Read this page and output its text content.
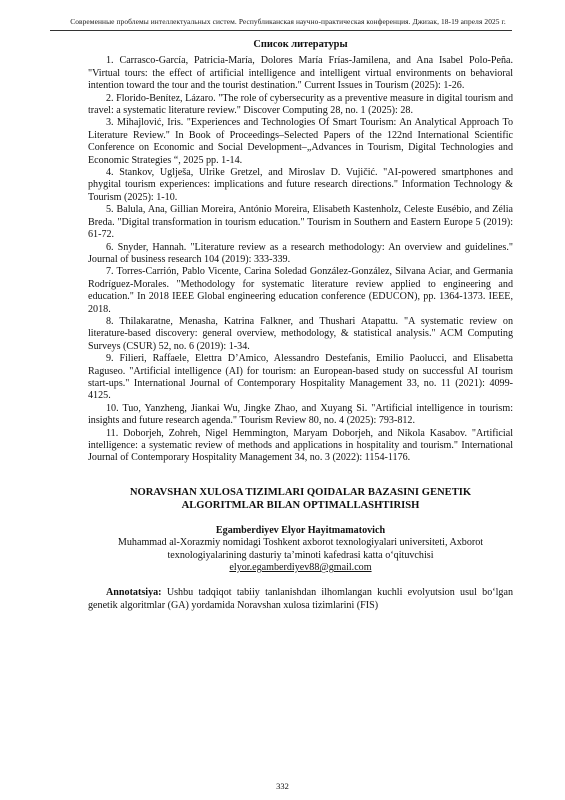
Современные проблемы интеллектуальных систем. Республиканская научно-практическая конференция. Джизак, 18-19 апреля 2025 г.
Список литературы

1. Carrasco-García, Patricia-María, Dolores María Frías-Jamilena, and Ana Isabel Polo-Peña. "Virtual tours: the effect of artificial intelligence and intelligent virtual environments on behavioral intention toward the tour and the tourist destination." Current Issues in Tourism (2025): 1-26.

2. Florido-Benítez, Lázaro. "The role of cybersecurity as a preventive measure in digital tourism and travel: a systematic literature review." Discover Computing 28, no. 1 (2025): 28.

3. Mihajlović, Iris. "Experiences and Technologies Of Smart Tourism: An Analytical Approach To Literature Review." In Book of Proceedings–Selected Papers of the 122nd International Scientific Conference on Economic and Social Development–„Advances in Tourism, Digital Technologies and Economic Strategies “, 2025 pp. 1-14.

4. Stankov, Uglješa, Ulrike Gretzel, and Miroslav D. Vujičić. "AI-powered smartphones and phygital tourism experiences: implications and future research directions." Information Technology & Tourism (2025): 1-10.

5. Balula, Ana, Gillian Moreira, António Moreira, Elisabeth Kastenholz, Celeste Eusébio, and Zélia Breda. "Digital transformation in tourism education." Tourism in Southern and Eastern Europe 5 (2019): 61-72.

6. Snyder, Hannah. "Literature review as a research methodology: An overview and guidelines." Journal of business research 104 (2019): 333-339.

7. Torres-Carrión, Pablo Vicente, Carina Soledad González-González, Silvana Aciar, and Germania Rodríguez-Morales. "Methodology for systematic literature review applied to engineering and education." In 2018 IEEE Global engineering education conference (EDUCON), pp. 1364-1373. IEEE, 2018.

8. Thilakaratne, Menasha, Katrina Falkner, and Thushari Atapattu. "A systematic review on literature-based discovery: general overview, methodology, & statistical analysis." ACM Computing Surveys (CSUR) 52, no. 6 (2019): 1-34.

9. Filieri, Raffaele, Elettra D’Amico, Alessandro Destefanis, Emilio Paolucci, and Elisabetta Raguseo. "Artificial intelligence (AI) for tourism: an European-based study on successful AI tourism start-ups." International Journal of Contemporary Hospitality Management 33, no. 11 (2021): 4099-4125.

10. Tuo, Yanzheng, Jiankai Wu, Jingke Zhao, and Xuyang Si. "Artificial intelligence in tourism: insights and future research agenda." Tourism Review 80, no. 4 (2025): 793-812.

11. Doborjeh, Zohreh, Nigel Hemmington, Maryam Doborjeh, and Nikola Kasabov. "Artificial intelligence: a systematic review of methods and applications in hospitality and tourism." International Journal of Contemporary Hospitality Management 34, no. 3 (2022): 1154-1176.

NORAVSHAN XULOSA TIZIMLARI QOIDALAR BAZASINI GENETIK ALGORITMLAR BILAN OPTIMALLASHTIRISH
Egamberdiyev Elyor Hayitmamatovich
Muhammad al-Xorazmiy nomidagi Toshkent axborot texnologiyalari universiteti, Axborot texnologiyalarining dasturiy ta’minoti kafedrasi katta o‘qituvchisi
elyor.egamberdiyev88@gmail.com

Annotatsiya: Ushbu tadqiqot tabiiy tanlanishdan ilhomlangan kuchli evolyutsion usul bo‘lgan genetik algoritmlar (GA) yordamida Noravshan xulosa tizimlarini (FIS)

332
